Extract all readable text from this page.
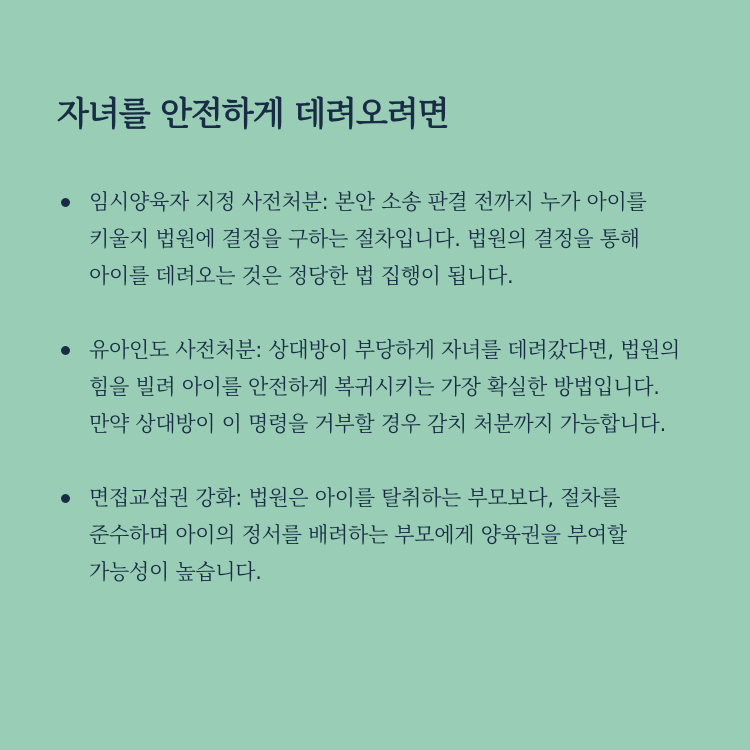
자녀를 안전하게 데려오려면
임시양육자 지정 사전처분: 본안 소송 판결 전까지 누가 아이를 키울지 법원에 결정을 구하는 절차입니다. 법원의 결정을 통해 아이를 데려오는 것은 정당한 법 집행이 됩니다.
유아인도 사전처분: 상대방이 부당하게 자녀를 데려갔다면, 법원의 힘을 빌려 아이를 안전하게 복귀시키는 가장 확실한 방법입니다. 만약 상대방이 이 명령을 거부할 경우 감치 처분까지 가능합니다.
면접교섭권 강화: 법원은 아이를 탈취하는 부모보다, 절차를 준수하며 아이의 정서를 배려하는 부모에게 양육권을 부여할 가능성이 높습니다.
